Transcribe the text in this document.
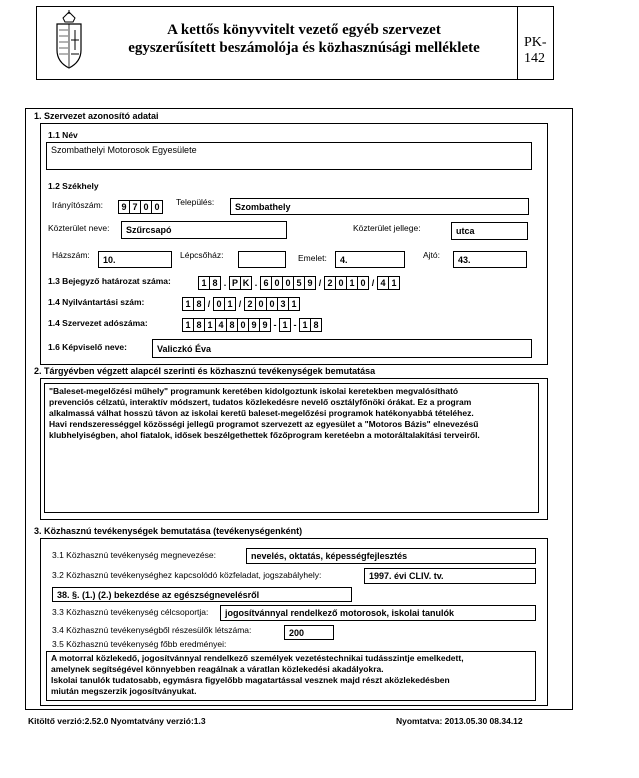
A kettős könyvvitelt vezető egyéb szervezet
egyszerűsített beszámolója és közhasznúsági melléklete	PK-142
1. Szervezet azonosító adatai
1.1 Név
Szombathelyi Motorosok Egyesülete
1.2 Székhely
Irányítószám:	9 7 0 0	Település:	Szombathely
Közterület neve:	Szűrcsapó	Közterület jellege:	utca
Házszám:	10.	Lépcsőház:	Emelet:	4.	Ajtó:	43.
1.3 Bejegyző határozat száma:	1 8 . P K . 6 0 0 5 9 / 2 0 1 0 / 4 1
1.4 Nyilvántartási szám:	1 8 / 0 1 / 2 0 0 3 1
1.4 Szervezet adószáma:	1 8 1 4 8 0 9 9 - 1 - 1 8
1.6 Képviselő neve:	Valiczkó Éva
2. Tárgyévben végzett alapcél szerinti és közhasznú tevékenységek bemutatása
"Baleset-megelőzési műhely" programunk keretében kidolgoztunk iskolai keretekben megvalósítható
prevenciós célzatú, interaktív módszert, tudatos közlekedésre nevelő osztályfőnöki órákat. Ez a program
alkalmassá válhat hosszú távon az iskolai keretű baleset-megelőzési programok hatékonyabbá tételéhez.
Havi rendszerességgel közösségi jellegű programot szervezett az egyesület a "Motoros Bázis" elnevezésű
klubhelyiségben, ahol fiatalok, idősek beszélgethettek főzőprogram keretéebn a motoráltalakítási terveiről.
3. Közhasznú tevékenységek bemutatása (tevékenységenként)
3.1 Közhasznú tevékenység megnevezése:	nevelés, oktatás, képességfejlesztés
3.2 Közhasznú tevékenységhez kapcsolódó közfeladat, jogszabályhely:	1997. évi CLIV. tv.
38. §. (1.) (2.) bekezdése az egészségnevelésről
3.3 Közhasznú tevékenység célcsoportja:	jogosítvánnyal rendelkező motorosok, iskolai tanulók
3.4 Közhasznú tevékenységből részesülők létszáma:	200
3.5 Közhasznú tevékenység főbb eredményei:
A motorral közlekedő, jogosítvánnyal rendelkező személyek vezetéstechnikai tudásszintje emelkedett,
amelynek segítségével könnyebben reagálnak a váratlan közlekedési akadályokra.
Iskolai tanulók tudatosabb, egymásra figyelőbb magatartással vesznek majd részt aközlekedésben
miután megszerzik jogosítványukat.
Kitöltő verzió:2.52.0 Nyomtatvány verzió:1.3	Nyomtatva: 2013.05.30 08.34.12
